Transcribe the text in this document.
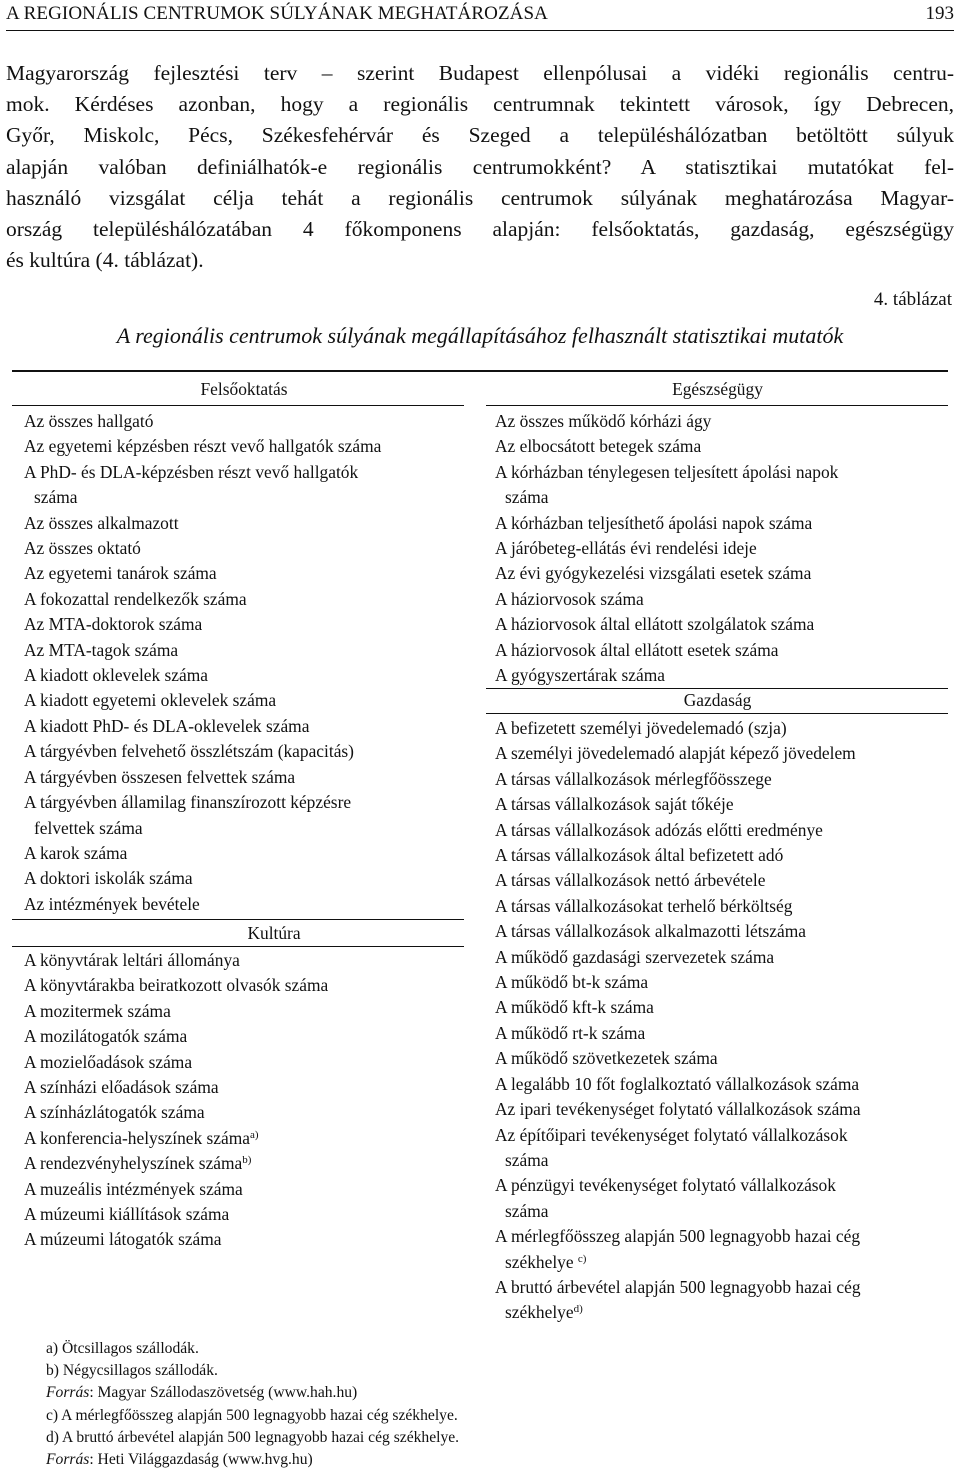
A REGIONÁLIS CENTRUMOK SÚLYÁNAK MEGHATÁROZÁSA	193
Magyarország fejlesztési terv – szerint Budapest ellenpólusai a vidéki regionális centru-
mok. Kérdéses azonban, hogy a regionális centrumnak tekintett városok, így Debrecen,
Győr, Miskolc, Pécs, Székesfehérvár és Szeged a településhálózatban betöltött súlyuk
alapján valóban definiálhatók-e regionális centrumokként? A statisztikai mutatókat fel-
használó vizsgálat célja tehát a regionális centrumok súlyának meghatározása Magyar-
ország településhálózatában 4 főkomponens alapján: felsőoktatás, gazdaság, egészségügy
és kultúra (4. táblázat).
4. táblázat
A regionális centrumok súlyának megállapításához felhasznált statisztikai mutatók
Felsőoktatás	Egészségügy
Az összes hallgató
Az egyetemi képzésben részt vevő hallgatók száma
A PhD- és DLA-képzésben részt vevő hallgatók
száma
Az összes alkalmazott
Az összes oktató
Az egyetemi tanárok száma
A fokozattal rendelkezők száma
Az MTA-doktorok száma
Az MTA-tagok száma
A kiadott oklevelek száma
A kiadott egyetemi oklevelek száma
A kiadott PhD- és DLA-oklevelek száma
A tárgyévben felvehető összlétszám (kapacitás)
A tárgyévben összesen felvettek száma
A tárgyévben államilag finanszírozott képzésre
felvettek száma
A karok száma
A doktori iskolák száma
Az intézmények bevétele
Kultúra
A könyvtárak leltári állománya
A könyvtárakba beiratkozott olvasók száma
A mozitermek száma
A mozilátogatók száma
A mozielőadások száma
A színházi előadások száma
A színházlátogatók száma
A konferencia-helyszínek száma$^{a)}$
A rendezvényhelyszínek száma$^{b)}$
A muzeális intézmények száma
A múzeumi kiállítások száma
A múzeumi látogatók száma
Az összes működő kórházi ágy
Az elbocsátott betegek száma
A kórházban ténylegesen teljesített ápolási napok
száma
A kórházban teljesíthető ápolási napok száma
A járóbeteg-ellátás évi rendelési ideje
Az évi gyógykezelési vizsgálati esetek száma
A háziorvosok száma
A háziorvosok által ellátott szolgálatok száma
A háziorvosok által ellátott esetek száma
A gyógyszertárak száma
Gazdaság
A befizetett személyi jövedelemadó (szja)
A személyi jövedelemadó alapját képező jövedelem
A társas vállalkozások mérlegfőösszege
A társas vállalkozások saját tőkéje
A társas vállalkozások adózás előtti eredménye
A társas vállalkozások által befizetett adó
A társas vállalkozások nettó árbevétele
A társas vállalkozásokat terhelő bérköltség
A társas vállalkozások alkalmazotti létszáma
A működő gazdasági szervezetek száma
A működő bt-k száma
A működő kft-k száma
A működő rt-k száma
A működő szövetkezetek száma
A legalább 10 főt foglalkoztató vállalkozások száma
Az ipari tevékenységet folytató vállalkozások száma
Az építőipari tevékenységet folytató vállalkozások
száma
A pénzügyi tevékenységet folytató vállalkozások
száma
A mérlegfőösszeg alapján 500 legnagyobb hazai cég
székhelye $^{c)}$
A bruttó árbevétel alapján 500 legnagyobb hazai cég
székhelye$^{d)}$
a) Ötcsillagos szállodák.
b) Négycsillagos szállodák.
Forrás: Magyar Szállodaszövetség (www.hah.hu)
c) A mérlegfőösszeg alapján 500 legnagyobb hazai cég székhelye.
d) A bruttó árbevétel alapján 500 legnagyobb hazai cég székhelye.
Forrás: Heti Világgazdaság (www.hvg.hu)
